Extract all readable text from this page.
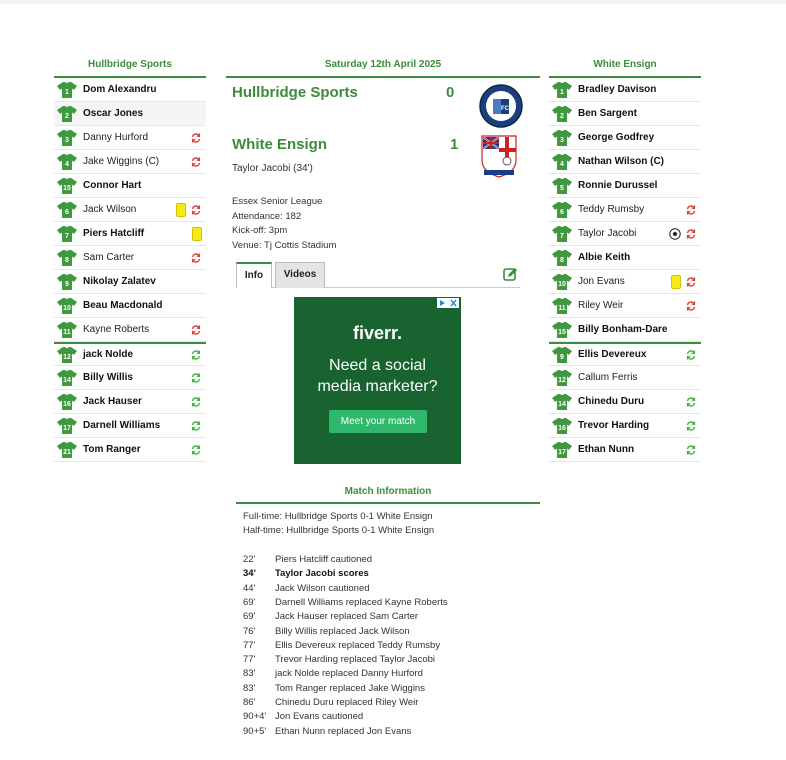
Hullbridge Sports
1 Dom Alexandru
2 Oscar Jones
3 Danny Hurford
4 Jake Wiggins (C)
15 Connor Hart
6 Jack Wilson
7 Piers Hatcliff
8 Sam Carter
9 Nikolay Zalatev
10 Beau Macdonald
11 Kayne Roberts
12 jack Nolde
14 Billy Willis
16 Jack Hauser
17 Darnell Williams
21 Tom Ranger
White Ensign
1 Bradley Davison
2 Ben Sargent
3 George Godfrey
4 Nathan Wilson (C)
5 Ronnie Durussel
6 Teddy Rumsby
7 Taylor Jacobi
8 Albie Keith
10 Jon Evans
11 Riley Weir
15 Billy Bonham-Dare
9 Ellis Devereux
12 Callum Ferris
14 Chinedu Duru
16 Trevor Harding
17 Ethan Nunn
Saturday 12th April 2025
Hullbridge Sports	0
FC
White Ensign	1
Taylor Jacobi (34')
Essex Senior League
Attendance: 182
Kick-off: 3pm
Venue: Tj Cottis Stadium
Info	Videos
fiverr.
Need a social
media marketer?
Meet your match
Match Information
Full-time: Hullbridge Sports 0-1 White Ensign
Half-time: Hullbridge Sports 0-1 White Ensign
22' Piers Hatcliff cautioned
34' Taylor Jacobi scores
44' Jack Wilson cautioned
69' Darnell Williams replaced Kayne Roberts
69' Jack Hauser replaced Sam Carter
76' Billy Willis replaced Jack Wilson
77' Ellis Devereux replaced Teddy Rumsby
77' Trevor Harding replaced Taylor Jacobi
83' jack Nolde replaced Danny Hurford
83' Tom Ranger replaced Jake Wiggins
86' Chinedu Duru replaced Riley Weir
90+4' Jon Evans cautioned
90+5' Ethan Nunn replaced Jon Evans
